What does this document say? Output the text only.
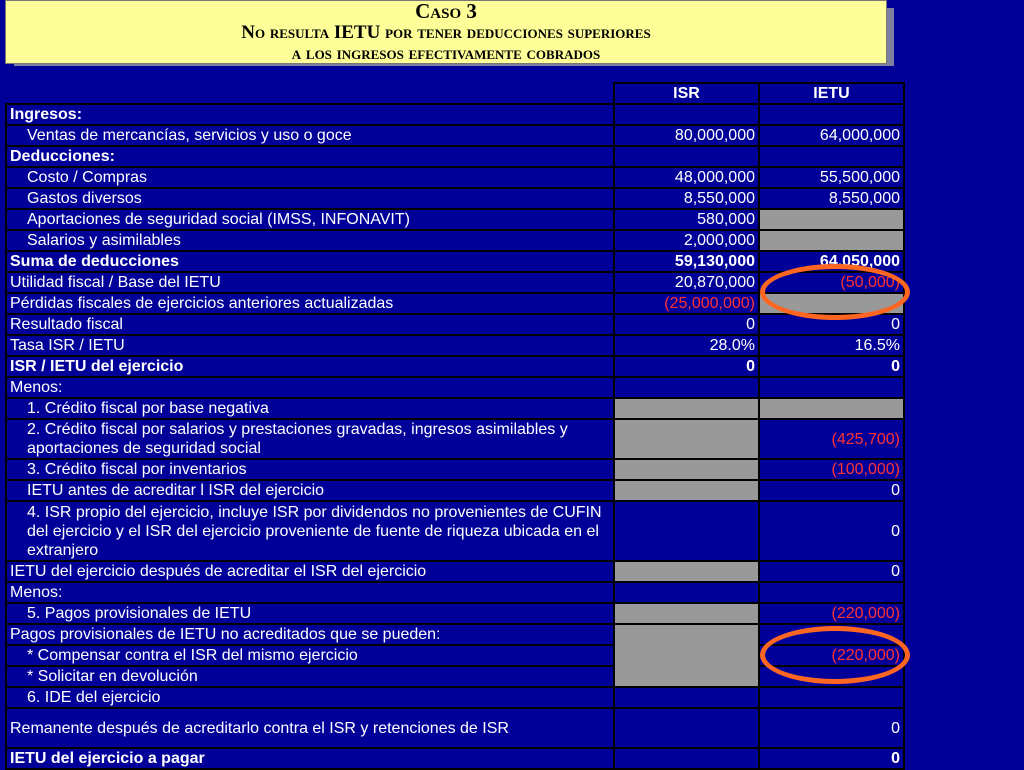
Caso 3
No resulta IETU por tener deducciones superiores
a los ingresos efectivamente cobrados
	ISR	IETU
Ingresos:		
Ventas de mercancías, servicios y uso o goce	80,000,000	64,000,000
Deducciones:		
Costo / Compras	48,000,000	55,500,000
Gastos diversos	8,550,000	8,550,000
Aportaciones de seguridad social (IMSS, INFONAVIT)	580,000	
Salarios y asimilables	2,000,000	
Suma de deducciones	59,130,000	64,050,000
Utilidad fiscal / Base del IETU	20,870,000	(50,000)
Pérdidas fiscales de ejercicios anteriores actualizadas	(25,000,000)	
Resultado fiscal	0	0
Tasa ISR / IETU	28.0%	16.5%
ISR / IETU del ejercicio	0	0
Menos:		
1. Crédito fiscal por base negativa		
2. Crédito fiscal por salarios y prestaciones gravadas, ingresos asimilables y aportaciones de seguridad social		(425,700)
3. Crédito fiscal por inventarios		(100,000)
IETU antes de acreditar l ISR del ejercicio		0
4. ISR propio del ejercicio, incluye ISR por dividendos no provenientes de CUFIN del ejercicio y el ISR del ejercicio proveniente de fuente de riqueza ubicada en el extranjero		0
IETU del ejercicio después de acreditar el ISR del ejercicio		0
Menos:		
5. Pagos provisionales de IETU		(220,000)
Pagos provisionales de IETU no acreditados que se pueden:		
* Compensar contra el ISR del mismo ejercicio		(220,000)
* Solicitar en devolución		
6. IDE del ejercicio		
Remanente después de acreditarlo contra el ISR y retenciones de ISR		0
IETU del ejercicio a pagar		0
